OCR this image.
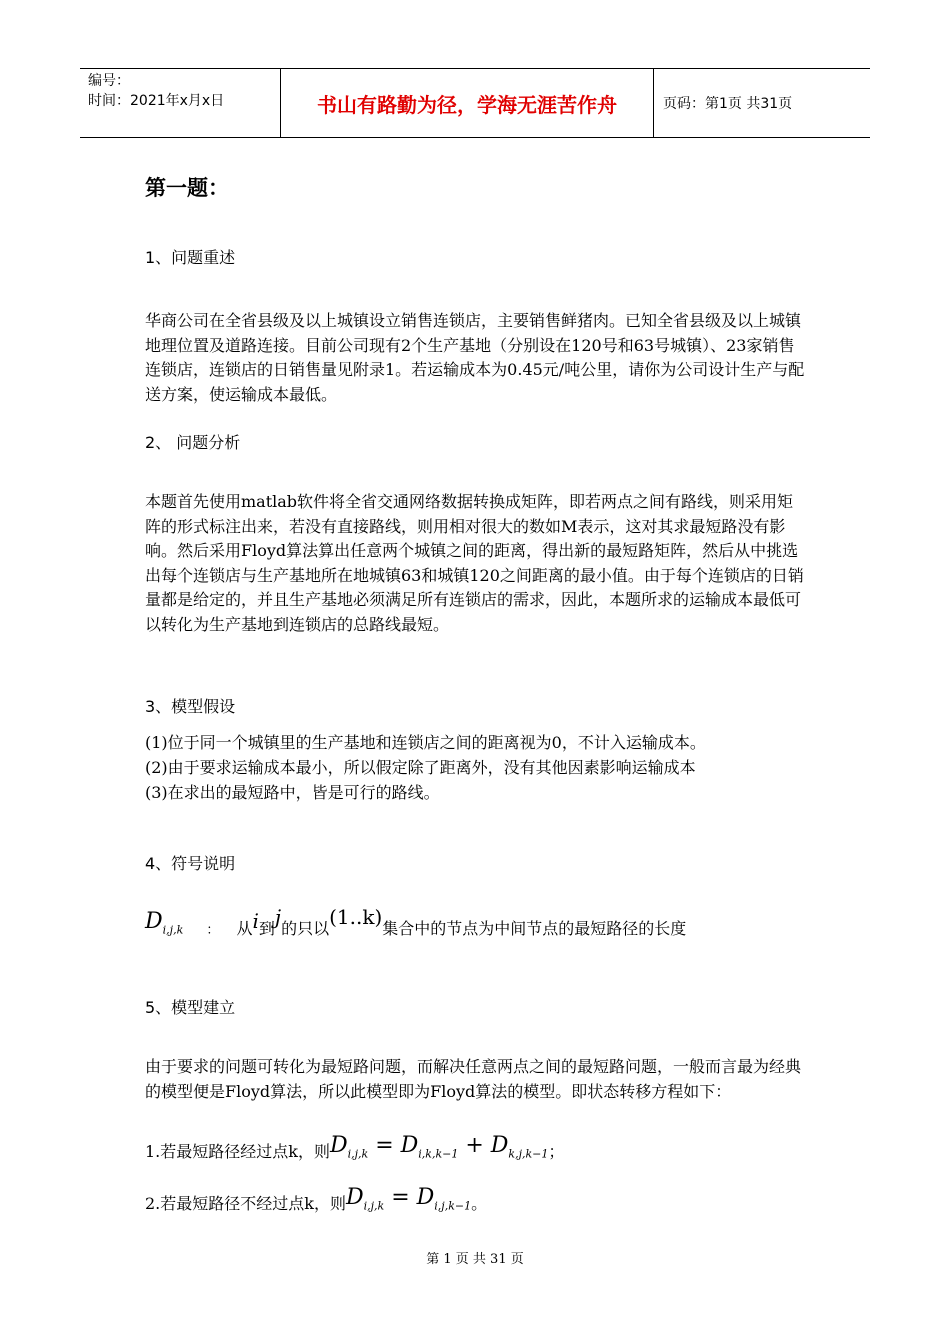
编号：
时间：2021年x月x日	书山有路勤为径，学海无涯苦作舟	页码：第1页 共31页
第一题：
1、问题重述
华商公司在全省县级及以上城镇设立销售连锁店，主要销售鲜猪肉。已知全省县级及以上城镇地理位置及道路连接。目前公司现有2个生产基地（分别设在120号和63号城镇）、23家销售连锁店，连锁店的日销售量见附录1。若运输成本为0.45元/吨公里，请你为公司设计生产与配送方案，使运输成本最低。
2、 问题分析
本题首先使用matlab软件将全省交通网络数据转换成矩阵，即若两点之间有路线，则采用矩阵的形式标注出来，若没有直接路线，则用相对很大的数如M表示，这对其求最短路没有影响。然后采用Floyd算法算出任意两个城镇之间的距离，得出新的最短路矩阵，然后从中挑选出每个连锁店与生产基地所在地城镇63和城镇120之间距离的最小值。由于每个连锁店的日销量都是给定的，并且生产基地必须满足所有连锁店的需求，因此，本题所求的运输成本最低可以转化为生产基地到连锁店的总路线最短。
3、模型假设
(1)位于同一个城镇里的生产基地和连锁店之间的距离视为0，不计入运输成本。
(2)由于要求运输成本最小，所以假定除了距离外，没有其他因素影响运输成本
(3)在求出的最短路中，皆是可行的路线。
4、符号说明
$D_{i,j,k}$ ： 从i到j的只以(1..k)集合中的节点为中间节点的最短路径的长度
5、模型建立
由于要求的问题可转化为最短路问题，而解决任意两点之间的最短路问题，一般而言最为经典的模型便是Floyd算法，所以此模型即为Floyd算法的模型。即状态转移方程如下：
1.若最短路径经过点k，则$D_{i,j,k} = D_{i,k,k-1} + D_{k,j,k-1}$；
2.若最短路径不经过点k，则$D_{i,j,k} = D_{i,j,k-1}$。
第 1 页 共 31 页
